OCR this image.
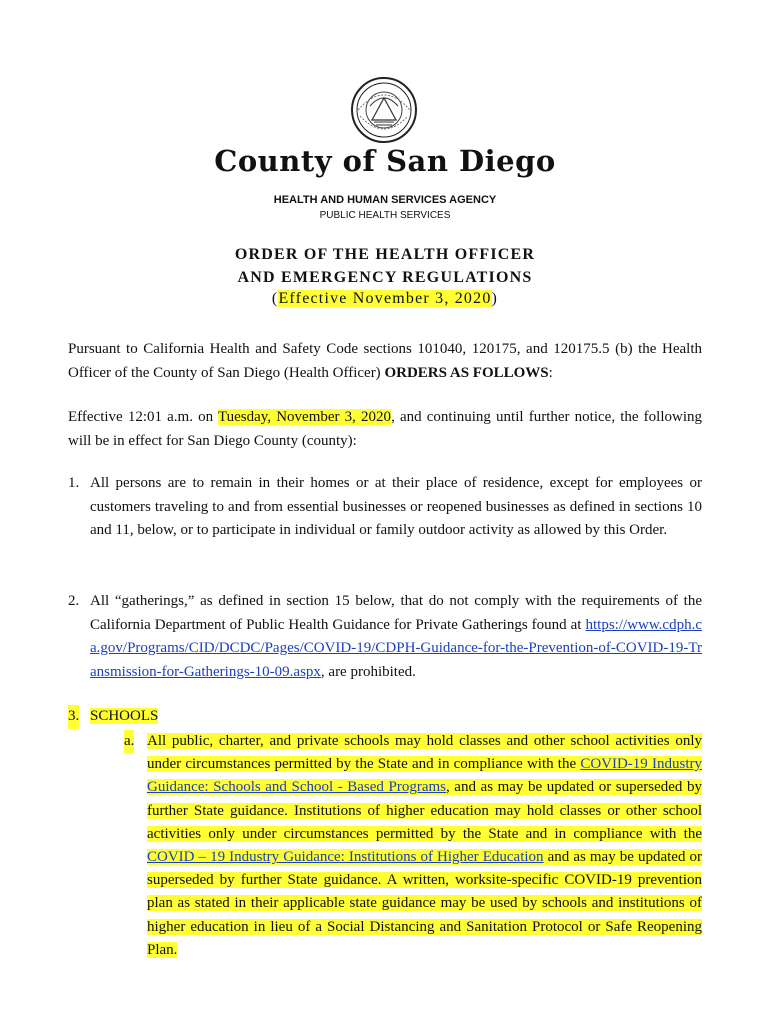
County of San Diego
HEALTH AND HUMAN SERVICES AGENCY
PUBLIC HEALTH SERVICES
ORDER OF THE HEALTH OFFICER
AND EMERGENCY REGULATIONS
(Effective November 3, 2020)
Pursuant to California Health and Safety Code sections 101040, 120175, and 120175.5 (b) the Health Officer of the County of San Diego (Health Officer) ORDERS AS FOLLOWS:
Effective 12:01 a.m. on Tuesday, November 3, 2020, and continuing until further notice, the following will be in effect for San Diego County (county):
1. All persons are to remain in their homes or at their place of residence, except for employees or customers traveling to and from essential businesses or reopened businesses as defined in sections 10 and 11, below, or to participate in individual or family outdoor activity as allowed by this Order.
2. All “gatherings,” as defined in section 15 below, that do not comply with the requirements of the California Department of Public Health Guidance for Private Gatherings found at https://www.cdph.ca.gov/Programs/CID/DCDC/Pages/COVID-19/CDPH-Guidance-for-the-Prevention-of-COVID-19-Transmission-for-Gatherings-10-09.aspx, are prohibited.
3. SCHOOLS
a. All public, charter, and private schools may hold classes and other school activities only under circumstances permitted by the State and in compliance with the COVID-19 Industry Guidance: Schools and School - Based Programs, and as may be updated or superseded by further State guidance. Institutions of higher education may hold classes or other school activities only under circumstances permitted by the State and in compliance with the COVID – 19 Industry Guidance: Institutions of Higher Education and as may be updated or superseded by further State guidance. A written, worksite-specific COVID-19 prevention plan as stated in their applicable state guidance may be used by schools and institutions of higher education in lieu of a Social Distancing and Sanitation Protocol or Safe Reopening Plan.
